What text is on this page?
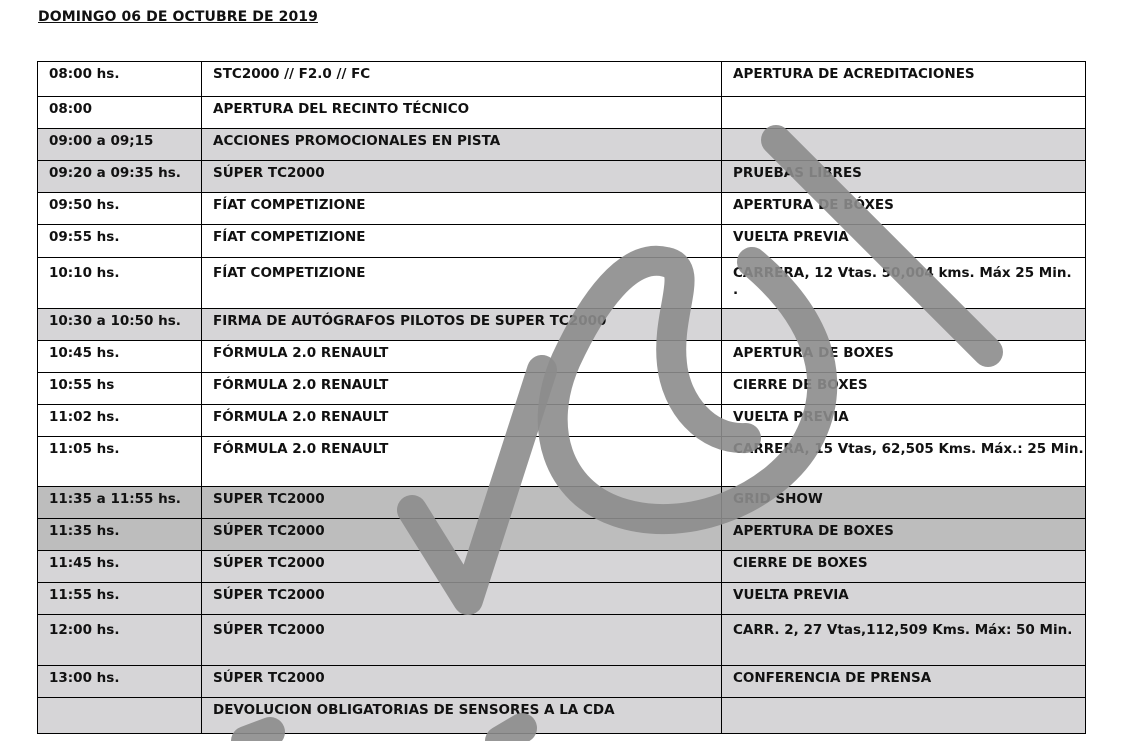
DOMINGO 06 DE OCTUBRE DE 2019
08:00 hs.	STC2000 // F2.0 // FC	APERTURA DE ACREDITACIONES
08:00	APERTURA DEL RECINTO TÉCNICO	
09:00 a 09;15	ACCIONES PROMOCIONALES EN PISTA	
09:20 a 09:35 hs.	SÚPER TC2000	PRUEBAS LIBRES
09:50 hs.	FÍAT COMPETIZIONE	APERTURA DE BÓXES
09:55 hs.	FÍAT COMPETIZIONE	VUELTA PREVIA
10:10 hs.	FÍAT COMPETIZIONE	CARRERA, 12 Vtas. 50,004 kms. Máx 25 Min.
.

10:30 a 10:50 hs.	FIRMA DE AUTÓGRAFOS PILOTOS DE SUPER TC2000	
10:45 hs.	FÓRMULA 2.0 RENAULT	APERTURA DE BOXES
10:55 hs	FÓRMULA 2.0 RENAULT	CIERRE DE BOXES
11:02 hs.	FÓRMULA 2.0 RENAULT	VUELTA PREVIA
11:05 hs.	FÓRMULA 2.0 RENAULT	CARRERA, 15 Vtas, 62,505 Kms. Máx.: 25 Min.
11:35 a 11:55 hs.	SUPER TC2000	GRID SHOW
11:35 hs.	SÚPER TC2000	APERTURA DE BOXES
11:45 hs.	SÚPER TC2000	CIERRE DE BOXES
11:55 hs.	SÚPER TC2000	VUELTA PREVIA
12:00 hs.	SÚPER TC2000	CARR. 2, 27 Vtas,112,509 Kms. Máx: 50 Min.
13:00 hs.	SÚPER TC2000	CONFERENCIA DE PRENSA
	DEVOLUCION OBLIGATORIAS DE SENSORES A LA CDA	
